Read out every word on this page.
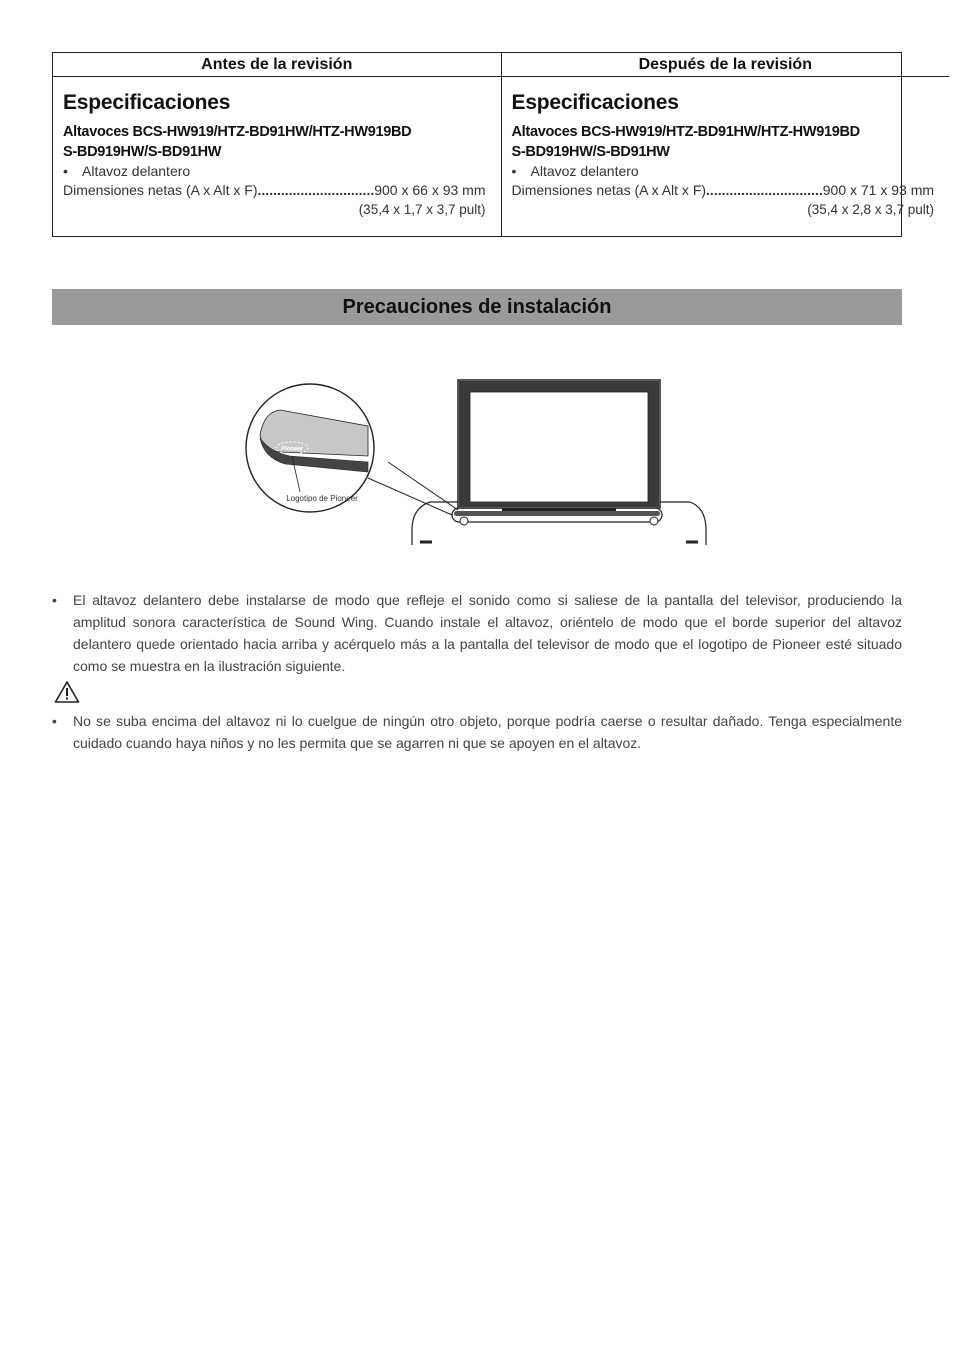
Antes de la revisión
Especificaciones
Altavoces BCS-HW919/HTZ-BD91HW/HTZ-HW919BD
S-BD919HW/S-BD91HW
• Altavoz delantero
Dimensiones netas (A x Alt x F) .............................. 900 x 66 x 93 mm
(35,4 x 1,7 x 3,7 pult)
Después de la revisión
Especificaciones
Altavoces BCS-HW919/HTZ-BD91HW/HTZ-HW919BD
S-BD919HW/S-BD91HW
• Altavoz delantero
Dimensiones netas (A x Alt x F) .............................. 900 x 71 x 93 mm
(35,4 x 2,8 x 3,7 pult)
Precauciones de instalación
Pioneer
Logotipo de Pioneer
• El altavoz delantero debe instalarse de modo que refleje el sonido como si saliese de la pantalla del televisor, produciendo la amplitud sonora característica de Sound Wing. Cuando instale el altavoz, oriéntelo de modo que el borde superior del altavoz delantero quede orientado hacia arriba y acérquelo más a la pantalla del televisor de modo que el logotipo de Pioneer esté situado como se muestra en la ilustración siguiente.
• No se suba encima del altavoz ni lo cuelgue de ningún otro objeto, porque podría caerse o resultar dañado. Tenga especialmente cuidado cuando haya niños y no les permita que se agarren ni que se apoyen en el altavoz.
